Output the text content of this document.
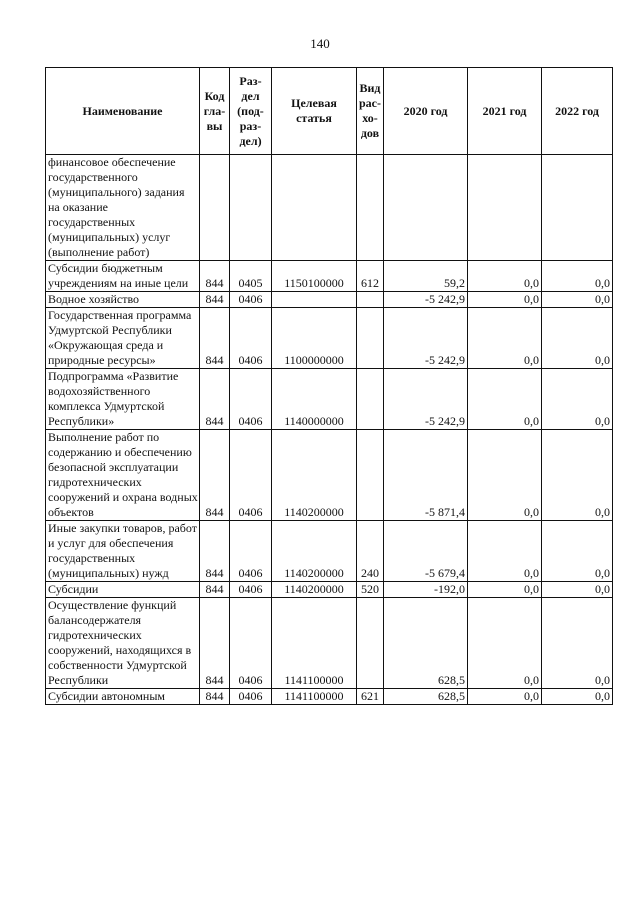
140
Наименование	Код гла- вы	Раз- дел (под- раз- дел)	Целевая статья	Вид рас- хо- дов	2020 год	2021 год	2022 год
финансовое обеспечение государственного (муниципального) задания на оказание государственных (муниципальных) услуг (выполнение работ)							
Субсидии бюджетным учреждениям на иные цели	844	0405	1150100000	612	59,2	0,0	0,0
Водное хозяйство	844	0406			-5 242,9	0,0	0,0
Государственная программа Удмуртской Республики «Окружающая среда и природные ресурсы»	844	0406	1100000000		-5 242,9	0,0	0,0
Подпрограмма «Развитие водохозяйственного комплекса Удмуртской Республики»	844	0406	1140000000		-5 242,9	0,0	0,0
Выполнение работ по содержанию и обеспечению безопасной эксплуатации гидротехнических сооружений и охрана водных объектов	844	0406	1140200000		-5 871,4	0,0	0,0
Иные закупки товаров, работ и услуг для обеспечения государственных (муниципальных) нужд	844	0406	1140200000	240	-5 679,4	0,0	0,0
Субсидии	844	0406	1140200000	520	-192,0	0,0	0,0
Осуществление функций балансодержателя гидротехнических сооружений, находящихся в собственности Удмуртской Республики	844	0406	1141100000		628,5	0,0	0,0
Субсидии автономным	844	0406	1141100000	621	628,5	0,0	0,0
